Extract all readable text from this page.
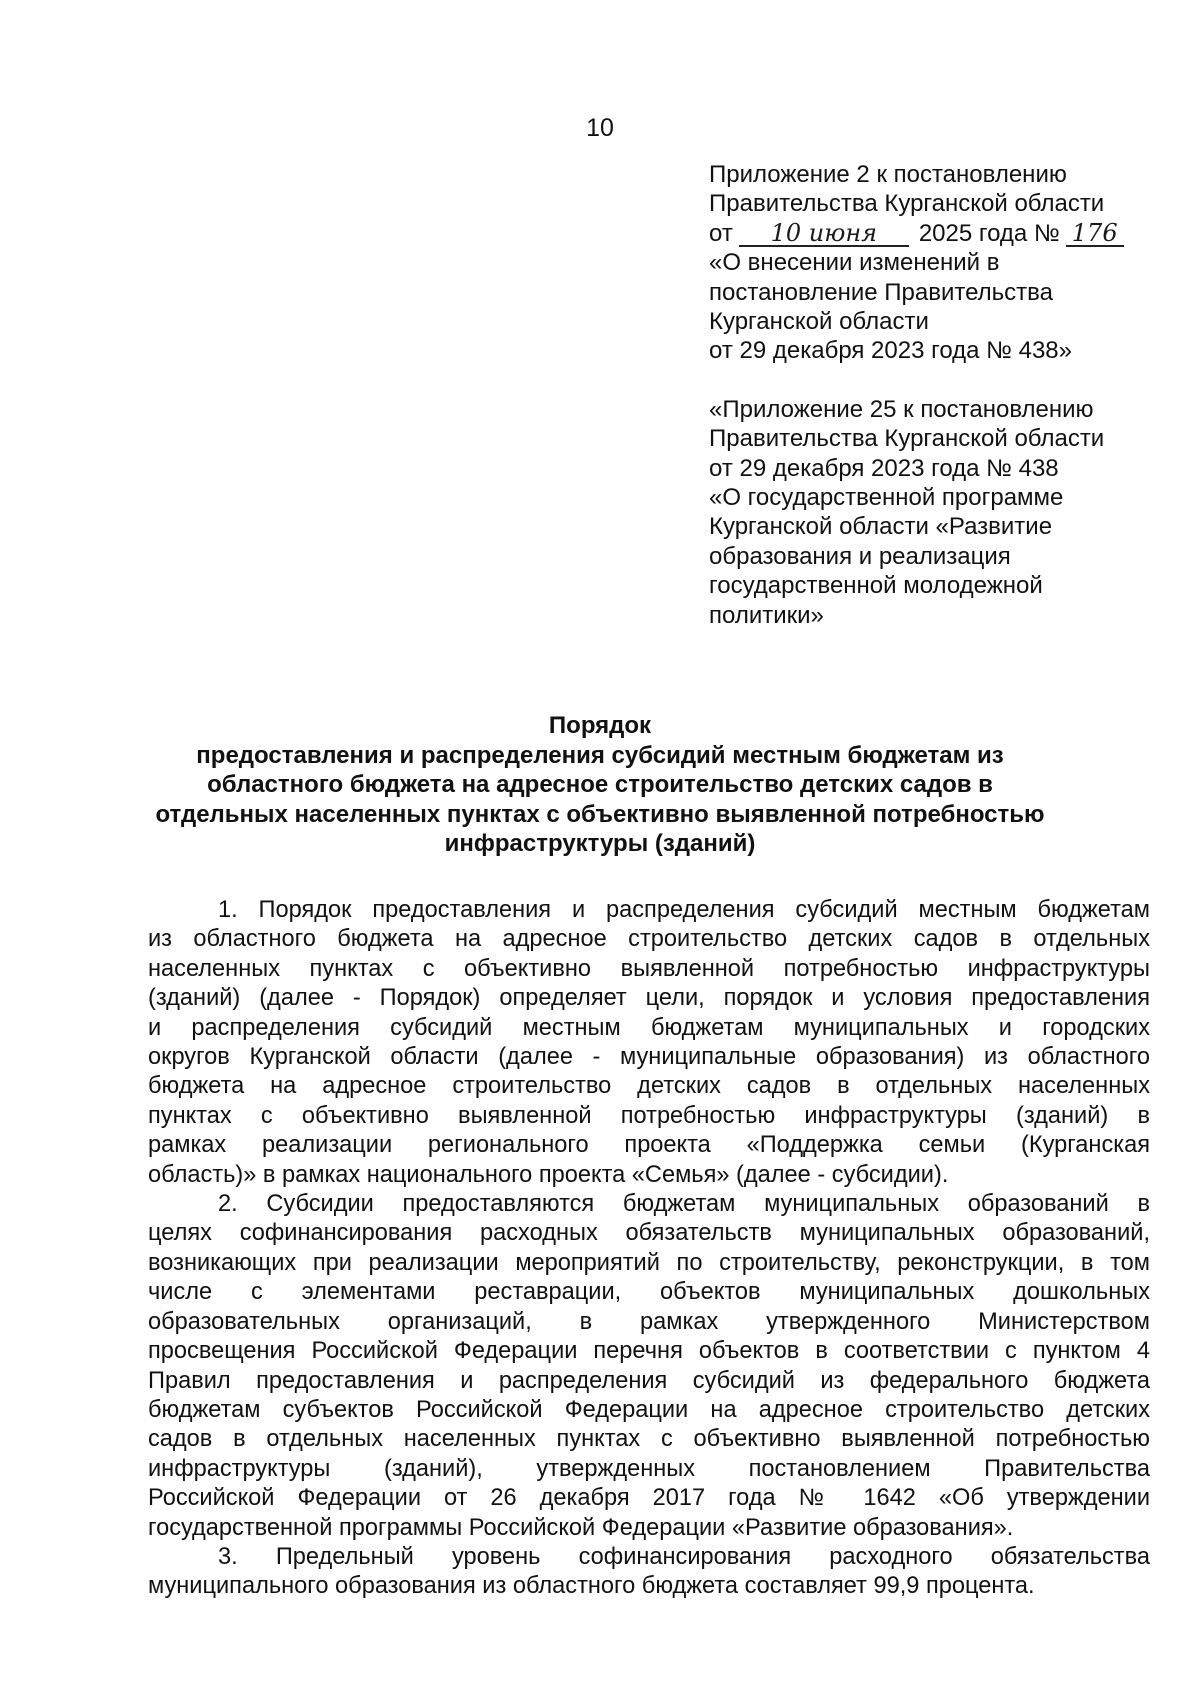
10
Приложение 2 к постановлению
Правительства Курганской области
от 10 июня 2025 года № 176
«О внесении изменений в
постановление Правительства
Курганской области
от 29 декабря 2023 года № 438»
«Приложение 25 к постановлению
Правительства Курганской области
от 29 декабря 2023 года № 438
«О государственной программе
Курганской области «Развитие
образования и реализация
государственной молодежной
политики»
Порядок
предоставления и распределения субсидий местным бюджетам из
областного бюджета на адресное строительство детских садов в
отдельных населенных пунктах с объективно выявленной потребностью
инфраструктуры (зданий)
1. Порядок предоставления и распределения субсидий местным бюджетам
из областного бюджета на адресное строительство детских садов в отдельных
населенных пунктах с объективно выявленной потребностью инфраструктуры
(зданий) (далее - Порядок) определяет цели, порядок и условия предоставления
и распределения субсидий местным бюджетам муниципальных и городских
округов Курганской области (далее - муниципальные образования) из областного
бюджета на адресное строительство детских садов в отдельных населенных
пунктах с объективно выявленной потребностью инфраструктуры (зданий) в
рамках реализации регионального проекта «Поддержка семьи (Курганская
область)» в рамках национального проекта «Семья» (далее - субсидии).
2. Субсидии предоставляются бюджетам муниципальных образований в
целях софинансирования расходных обязательств муниципальных образований,
возникающих при реализации мероприятий по строительству, реконструкции, в том
числе с элементами реставрации, объектов муниципальных дошкольных
образовательных организаций, в рамках утвержденного Министерством
просвещения Российской Федерации перечня объектов в соответствии с пунктом 4
Правил предоставления и распределения субсидий из федерального бюджета
бюджетам субъектов Российской Федерации на адресное строительство детских
садов в отдельных населенных пунктах с объективно выявленной потребностью
инфраструктуры (зданий), утвержденных постановлением Правительства
Российской Федерации от 26 декабря 2017 года № 1642 «Об утверждении
государственной программы Российской Федерации «Развитие образования».
3. Предельный уровень софинансирования расходного обязательства
муниципального образования из областного бюджета составляет 99,9 процента.
